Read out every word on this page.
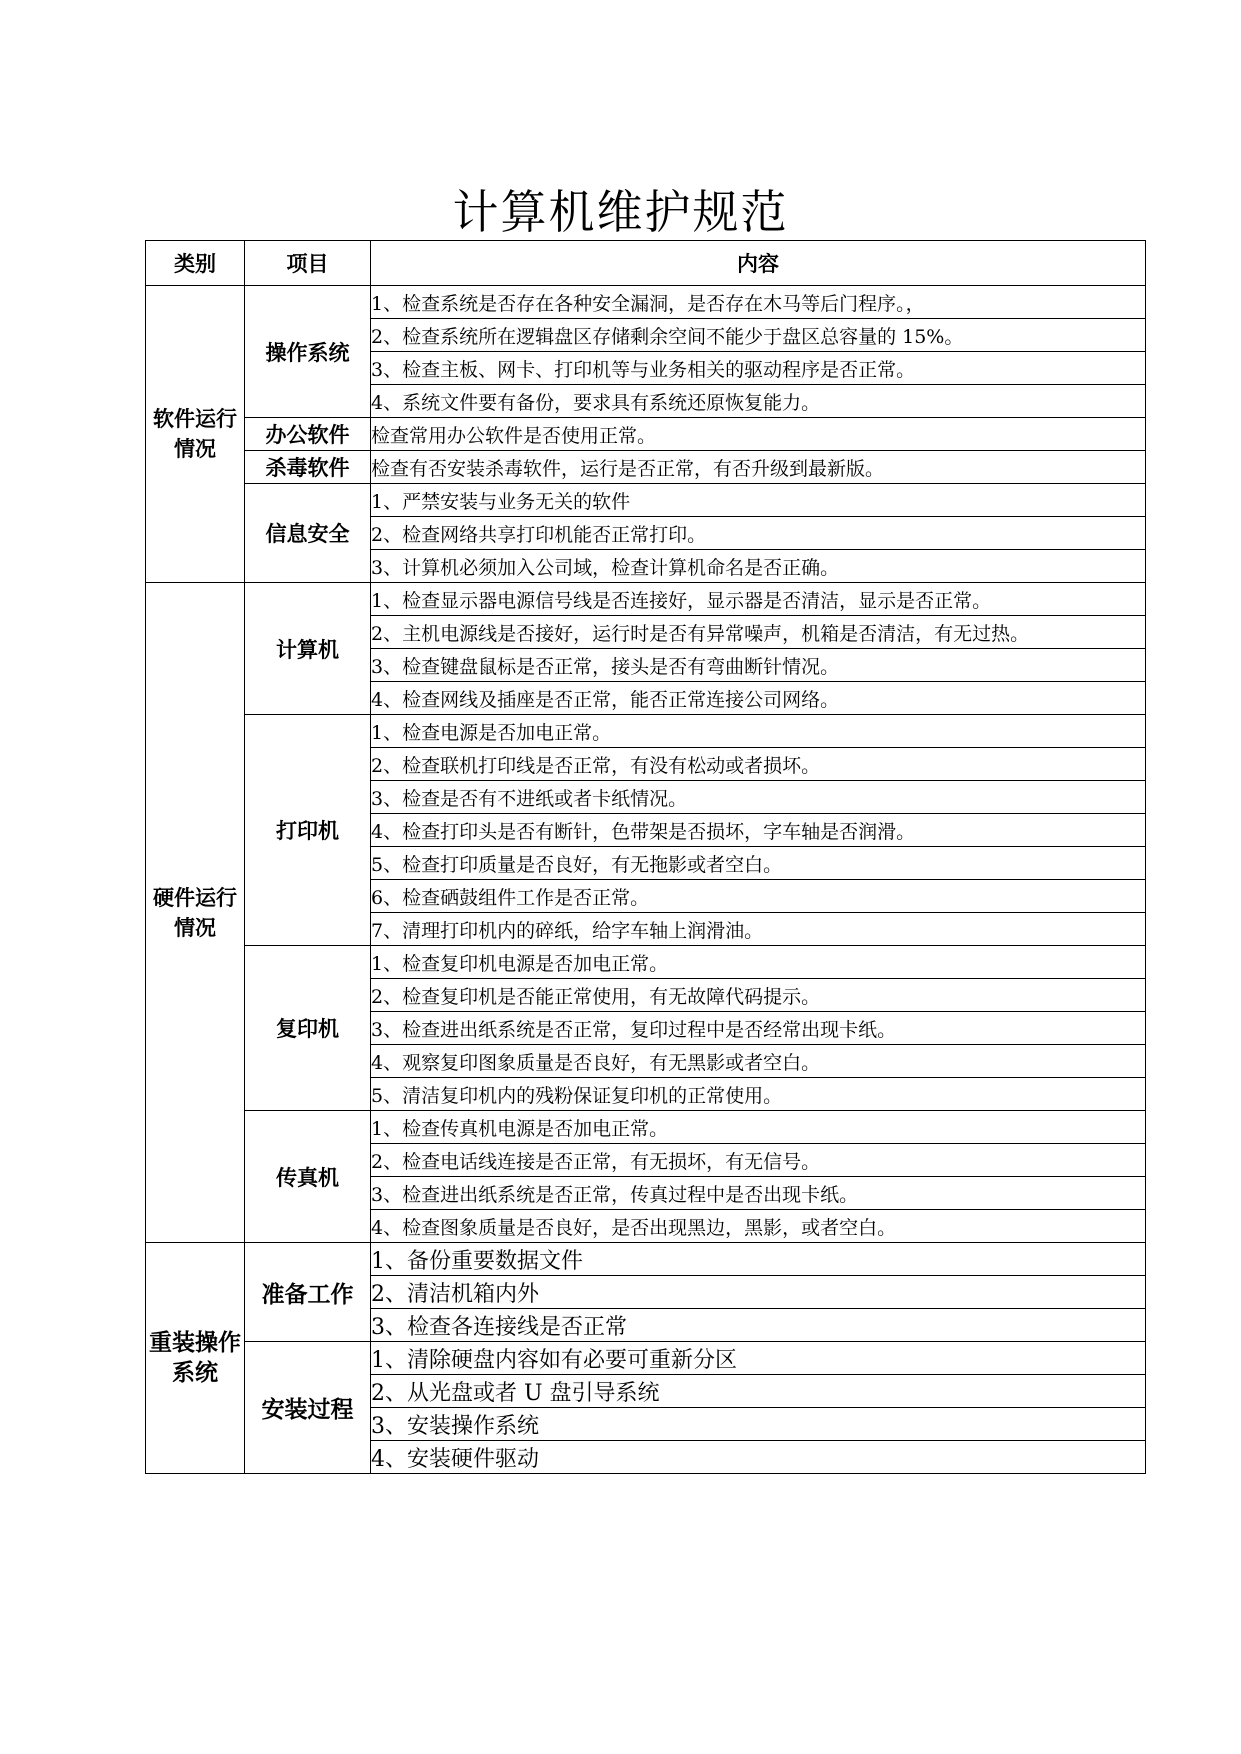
计算机维护规范
类别	项目	内容
软件运行情况	操作系统	1、检查系统是否存在各种安全漏洞，是否存在木马等后门程序。，
		2、检查系统所在逻辑盘区存储剩余空间不能少于盘区总容量的 15%。
		3、检查主板、网卡、打印机等与业务相关的驱动程序是否正常。
		4、系统文件要有备份，要求具有系统还原恢复能力。
	办公软件	检查常用办公软件是否使用正常。
	杀毒软件	检查有否安装杀毒软件，运行是否正常，有否升级到最新版。
	信息安全	1、严禁安装与业务无关的软件
		2、检查网络共享打印机能否正常打印。
		3、计算机必须加入公司域，检查计算机命名是否正确。
硬件运行情况	计算机	1、检查显示器电源信号线是否连接好，显示器是否清洁，显示是否正常。
		2、主机电源线是否接好，运行时是否有异常噪声，机箱是否清洁，有无过热。
		3、检查键盘鼠标是否正常，接头是否有弯曲断针情况。
		4、检查网线及插座是否正常，能否正常连接公司网络。
	打印机	1、检查电源是否加电正常。
		2、检查联机打印线是否正常，有没有松动或者损坏。
		3、检查是否有不进纸或者卡纸情况。
		4、检查打印头是否有断针，色带架是否损坏，字车轴是否润滑。
		5、检查打印质量是否良好，有无拖影或者空白。
		6、检查硒鼓组件工作是否正常。
		7、清理打印机内的碎纸，给字车轴上润滑油。
	复印机	1、检查复印机电源是否加电正常。
		2、检查复印机是否能正常使用，有无故障代码提示。
		3、检查进出纸系统是否正常，复印过程中是否经常出现卡纸。
		4、观察复印图象质量是否良好，有无黑影或者空白。
		5、清洁复印机内的残粉保证复印机的正常使用。
	传真机	1、检查传真机电源是否加电正常。
		2、检查电话线连接是否正常，有无损坏，有无信号。
		3、检查进出纸系统是否正常，传真过程中是否出现卡纸。
		4、检查图象质量是否良好，是否出现黑边，黑影，或者空白。
重装操作系统	准备工作	1、备份重要数据文件
		2、清洁机箱内外
		3、检查各连接线是否正常
	安装过程	1、清除硬盘内容如有必要可重新分区
		2、从光盘或者 U 盘引导系统
		3、安装操作系统
		4、安装硬件驱动
